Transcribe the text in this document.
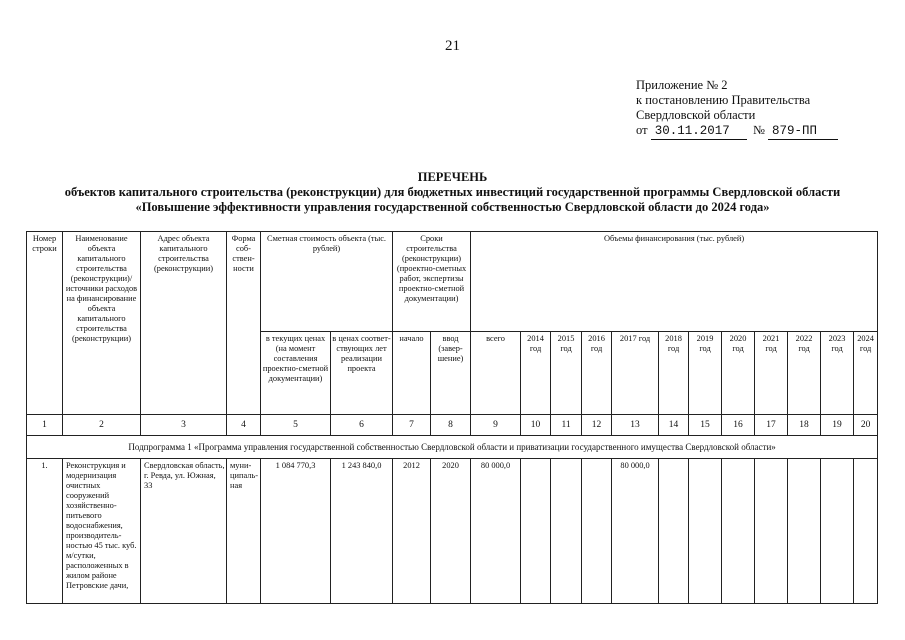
21
Приложение № 2
к постановлению Правительства
Свердловской области
от 30.11.2017 № 879-ПП
ПЕРЕЧЕНЬ
объектов капитального строительства (реконструкции) для бюджетных инвестиций государственной программы Свердловской области
«Повышение эффективности управления государственной собственностью Свердловской области до 2024 года»
Номер строки	Наименование объекта капитального строительства (реконструкции)/ источники расходов на финансирование объекта капитального строительства (реконструкции)	Адрес объекта капитального строительства (реконструкции)	Форма соб-ствен-ности	Сметная стоимость объекта (тыс. рублей)		Сроки строительства (реконструкции) (проектно-сметных работ, экспертизы проектно-сметной документации)		Объемы финансирования (тыс. рублей)											
				в текущих ценах (на момент составления проектно-сметной документации)	в ценах соответ-ствующих лет реализации проекта	начало	ввод (завер-шение)	всего	2014 год	2015 год	2016 год	2017 год	2018 год	2019 год	2020 год	2021 год	2022 год	2023 год	2024 год
1	2	3	4	5	6	7	8	9	10	11	12	13	14	15	16	17	18	19	20
Подпрограмма 1 «Программа управления государственной собственностью Свердловской области и приватизации государственного имущества Свердловской области»																			
1.	Реконструкция и модернизация очистных сооружений хозяйственно-питьевого водоснабжения, производитель-ностью 45 тыс. куб. м/сутки, расположенных в жилом районе Петровские дачи,	Свердловская область, г. Ревда, ул. Южная, 33	муни-ципаль-ная	1 084 770,3	1 243 840,0	2012	2020	80 000,0				80 000,0							
